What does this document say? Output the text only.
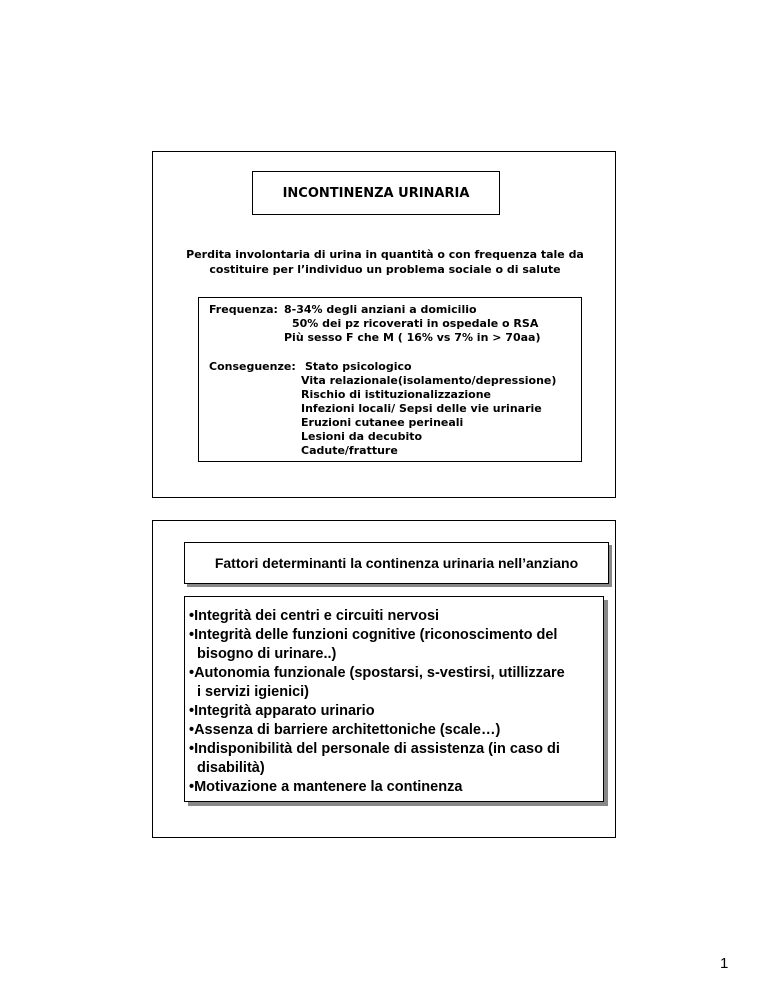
INCONTINENZA URINARIA
Perdita involontaria di urina in quantità o con frequenza tale da
costituire per l’individuo un problema sociale o di salute
Frequenza: 8-34% degli anziani a domicilio
50% dei pz ricoverati in ospedale o RSA
Più sesso F che M ( 16% vs 7% in > 70aa)
Conseguenze: Stato psicologico
Vita relazionale(isolamento/depressione)
Rischio di istituzionalizzazione
Infezioni locali/ Sepsi delle vie urinarie
Eruzioni cutanee perineali
Lesioni da decubito
Cadute/fratture
Fattori determinanti la continenza urinaria nell’anziano

•Integrità dei centri e circuiti nervosi

•Integrità delle funzioni cognitive (riconoscimento del

bisogno di urinare..)

•Autonomia funzionale (spostarsi, s-vestirsi, utillizzare

i servizi igienici)

•Integrità apparato urinario

•Assenza di barriere architettoniche (scale…)

•Indisponibilità del personale di assistenza (in caso di

disabilità)

•Motivazione a mantenere la continenza

1
